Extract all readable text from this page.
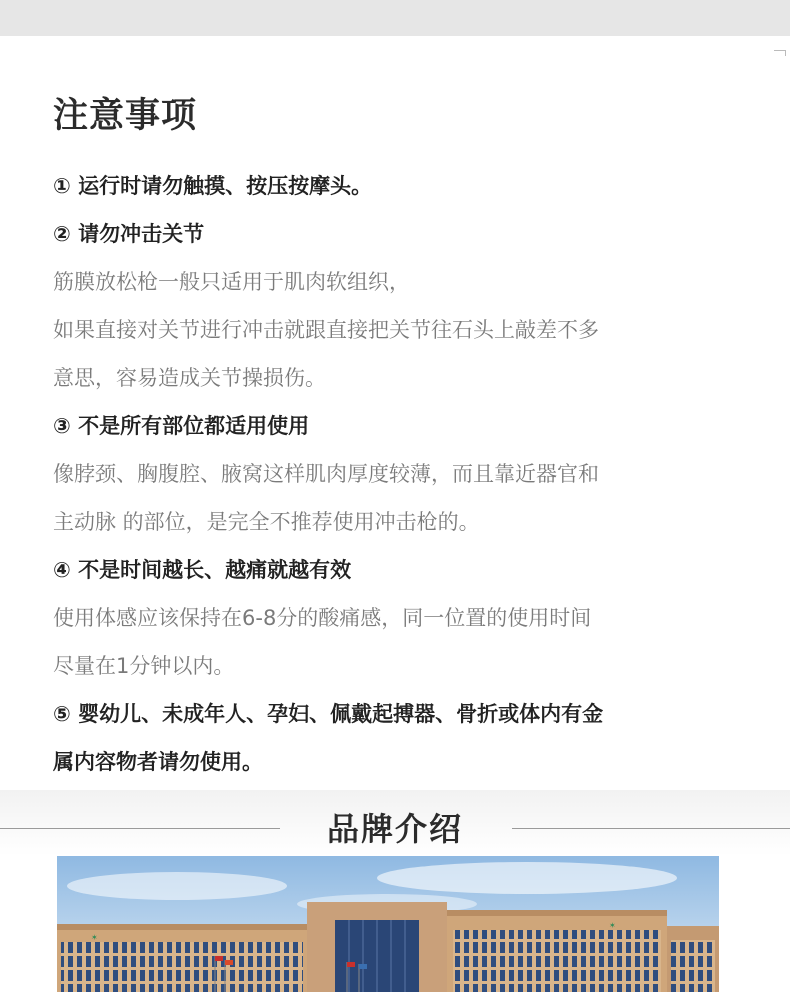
注意事项
① 运行时请勿触摸、按压按摩头。
② 请勿冲击关节
筋膜放松枪一般只适用于肌肉软组织，
如果直接对关节进行冲击就跟直接把关节往石头上敲差不多
意思，容易造成关节操损伤。
③ 不是所有部位都适用使用
像脖颈、胸腹腔、腋窝这样肌肉厚度较薄，而且靠近器官和
主动脉 的部位，是完全不推荐使用冲击枪的。
④ 不是时间越长、越痛就越有效
使用体感应该保持在6-8分的酸痛感，同一位置的使用时间
尽量在1分钟以内。
⑤ 婴幼儿、未成年人、孕妇、佩戴起搏器、骨折或体内有金
属内容物者请勿使用。
品牌介绍
✶
✶
